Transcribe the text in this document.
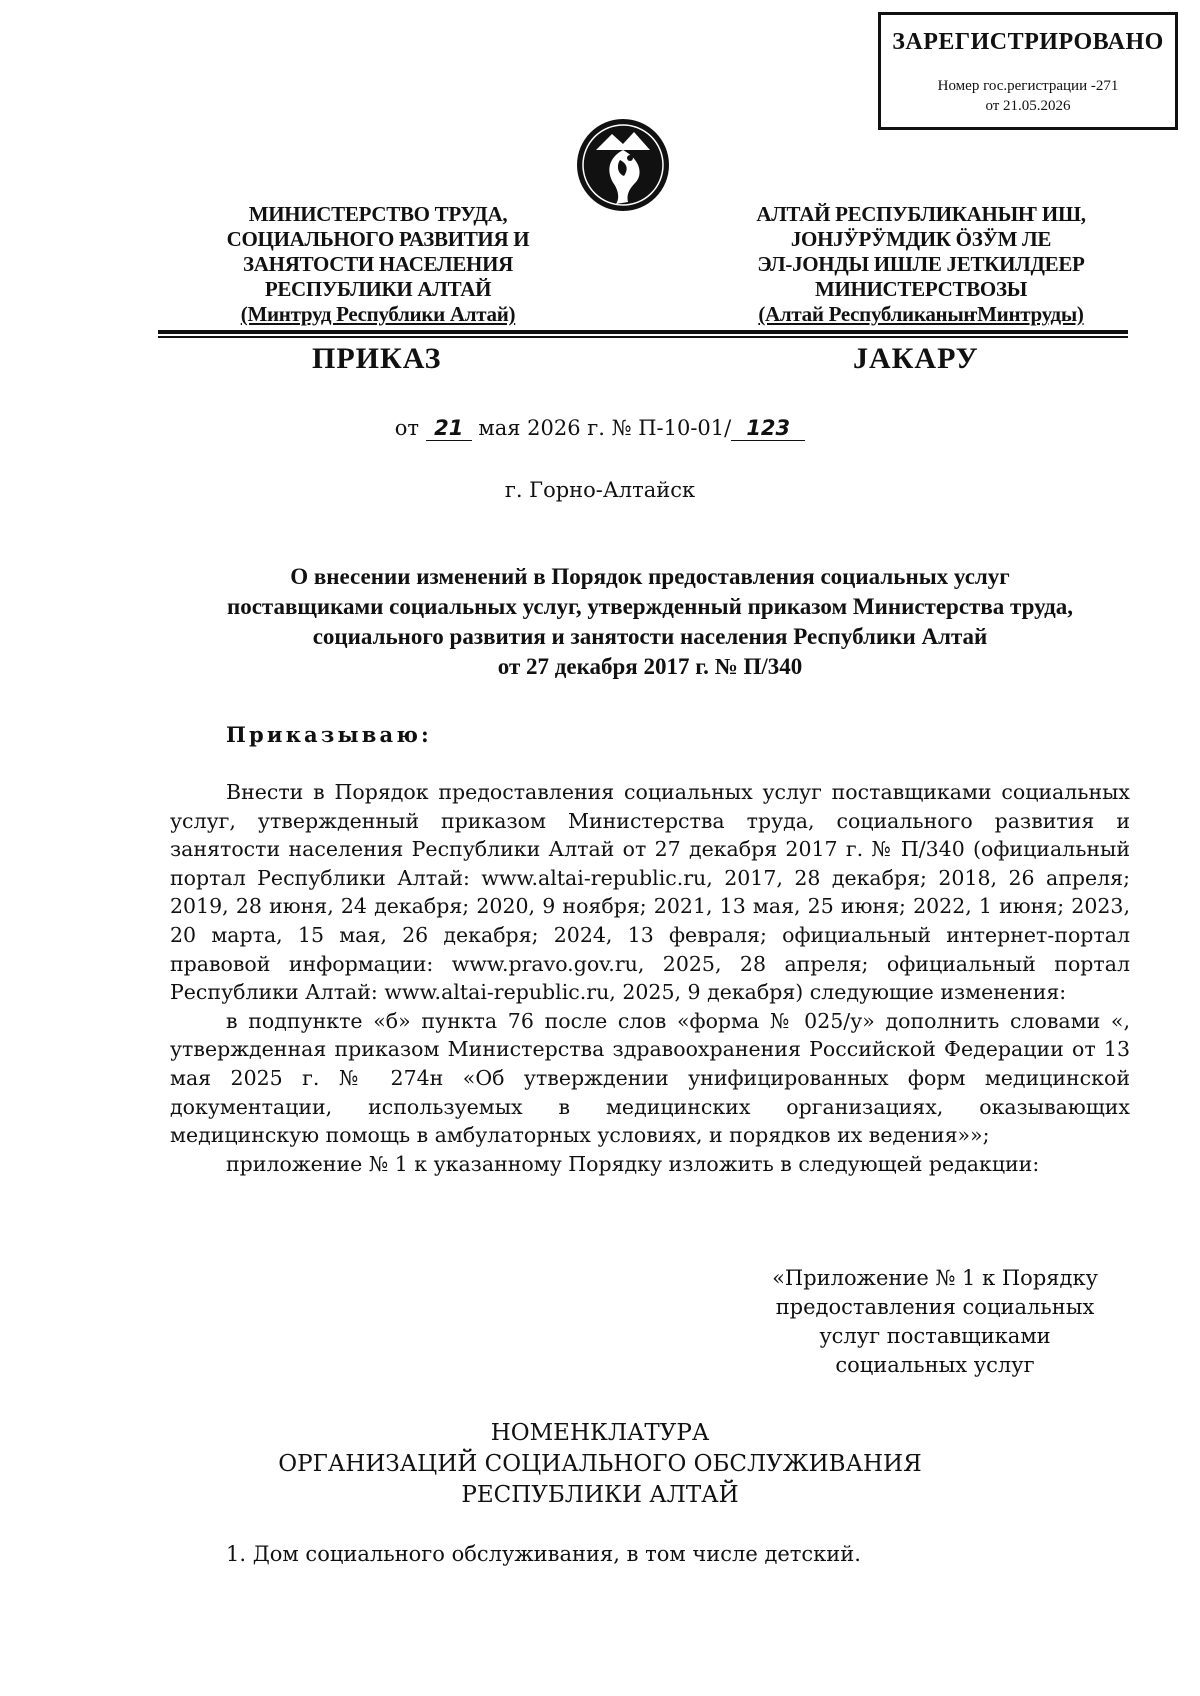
ЗАРЕГИСТРИРОВАНО
Номер гос.регистрации -271
от 21.05.2026
МИНИСТЕРСТВО ТРУДА,
СОЦИАЛЬНОГО РАЗВИТИЯ И
ЗАНЯТОСТИ НАСЕЛЕНИЯ
РЕСПУБЛИКИ АЛТАЙ
(Минтруд Республики Алтай)
АЛТАЙ РЕСПУБЛИКАНЫҤ ИШ,
ЈОНЈӰРӰМДИК ӦЗӰМ ЛЕ
ЭЛ-ЈОНДЫ ИШЛЕ ЈЕТКИЛДЕЕР
МИНИСТЕРСТВОЗЫ
(Алтай РеспубликаныҥМинтруды)
ПРИКАЗ	ЈАКАРУ
от 21 мая 2026 г. № П-10-01/ 123
г. Горно-Алтайск
О внесении изменений в Порядок предоставления социальных услуг
поставщиками социальных услуг, утвержденный приказом Министерства труда,
социального развития и занятости населения Республики Алтай
от 27 декабря 2017 г. № П/340
Приказываю:

Внести в Порядок предоставления социальных услуг поставщиками социальных услуг, утвержденный приказом Министерства труда, социального развития и занятости населения Республики Алтай от 27 декабря 2017 г. № П/340 (официальный портал Республики Алтай: www.altai-republic.ru, 2017, 28 декабря; 2018, 26 апреля; 2019, 28 июня, 24 декабря; 2020, 9 ноября; 2021, 13 мая, 25 июня; 2022, 1 июня; 2023, 20 марта, 15 мая, 26 декабря; 2024, 13 февраля; официальный интернет-портал правовой информации: www.pravo.gov.ru, 2025, 28 апреля; официальный портал Республики Алтай: www.altai-republic.ru, 2025, 9 декабря) следующие изменения:

в подпункте «б» пункта 76 после слов «форма № 025/у» дополнить словами «, утвержденная приказом Министерства здравоохранения Российской Федерации от 13 мая 2025 г. № 274н «Об утверждении унифицированных форм медицинской документации, используемых в медицинских организациях, оказывающих медицинскую помощь в амбулаторных условиях, и порядков их ведения»»;

приложение № 1 к указанному Порядку изложить в следующей редакции:

«Приложение № 1 к Порядку
предоставления социальных
услуг поставщиками
социальных услуг
НОМЕНКЛАТУРА
ОРГАНИЗАЦИЙ СОЦИАЛЬНОГО ОБСЛУЖИВАНИЯ
РЕСПУБЛИКИ АЛТАЙ
1. Дом социального обслуживания, в том числе детский.
